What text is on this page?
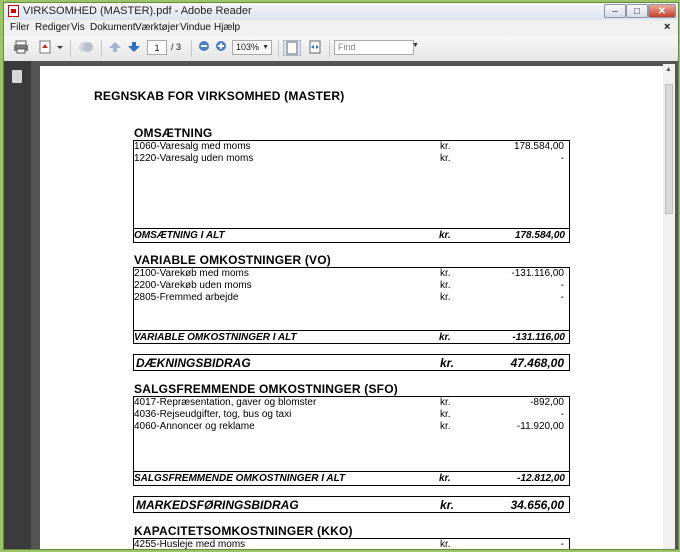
VIRKSOMHED (MASTER).pdf - Adobe Reader	–	□	✕
Filer Rediger Vis Dokument Værktøjer Vindue Hjælp	×
1	/ 3	103% ▼	Find	▼
REGNSKAB FOR VIRKSOMHED (MASTER)
OMSÆTNING
1060-Varesalg med moms	kr.	178.584,00
1220-Varesalg uden moms	kr.	-
OMSÆTNING I ALT	kr.	178.584,00
VARIABLE OMKOSTNINGER (VO)
2100-Varekøb med moms	kr.	-131.116,00
2200-Varekøb uden moms	kr.	-
2805-Fremmed arbejde	kr.	-
VARIABLE OMKOSTNINGER I ALT	kr.	-131.116,00
DÆKNINGSBIDRAG	kr.	47.468,00
SALGSFREMMENDE OMKOSTNINGER (SFO)
4017-Repræsentation, gaver og blomster	kr.	-892,00
4036-Rejseudgifter, tog, bus og taxi	kr.	-
4060-Annoncer og reklame	kr.	-11.920,00
SALGSFREMMENDE OMKOSTNINGER I ALT	kr.	-12.812,00
MARKEDSFØRINGSBIDRAG	kr.	34.656,00
KAPACITETSOMKOSTNINGER (KKO)
4255-Husleje med moms	kr.	-
▲
